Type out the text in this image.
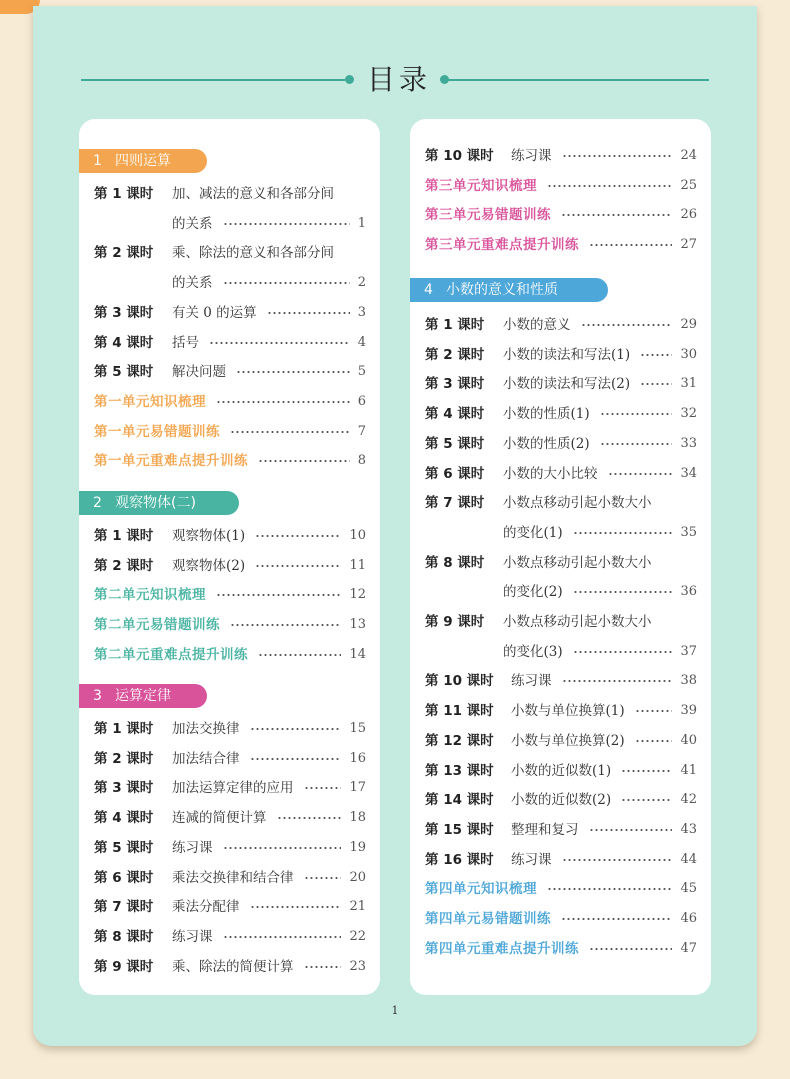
目录
1 四则运算
第 1 课时	加、减法的意义和各部分间
的关系	1
第 2 课时	乘、除法的意义和各部分间
的关系	2
第 3 课时	有关 0 的运算	3
第 4 课时	括号	4
第 5 课时	解决问题	5
第一单元知识梳理	6
第一单元易错题训练	7
第一单元重难点提升训练	8
2 观察物体(二)
第 1 课时	观察物体(1)	10
第 2 课时	观察物体(2)	11
第二单元知识梳理	12
第二单元易错题训练	13
第二单元重难点提升训练	14
3 运算定律
第 1 课时	加法交换律	15
第 2 课时	加法结合律	16
第 3 课时	加法运算定律的应用	17
第 4 课时	连减的简便计算	18
第 5 课时	练习课	19
第 6 课时	乘法交换律和结合律	20
第 7 课时	乘法分配律	21
第 8 课时	练习课	22
第 9 课时	乘、除法的简便计算	23
第 10 课时	练习课	24
第三单元知识梳理	25
第三单元易错题训练	26
第三单元重难点提升训练	27
4 小数的意义和性质
第 1 课时	小数的意义	29
第 2 课时	小数的读法和写法(1)	30
第 3 课时	小数的读法和写法(2)	31
第 4 课时	小数的性质(1)	32
第 5 课时	小数的性质(2)	33
第 6 课时	小数的大小比较	34
第 7 课时	小数点移动引起小数大小
的变化(1)	35
第 8 课时	小数点移动引起小数大小
的变化(2)	36
第 9 课时	小数点移动引起小数大小
的变化(3)	37
第 10 课时	练习课	38
第 11 课时	小数与单位换算(1)	39
第 12 课时	小数与单位换算(2)	40
第 13 课时	小数的近似数(1)	41
第 14 课时	小数的近似数(2)	42
第 15 课时	整理和复习	43
第 16 课时	练习课	44
第四单元知识梳理	45
第四单元易错题训练	46
第四单元重难点提升训练	47
1
